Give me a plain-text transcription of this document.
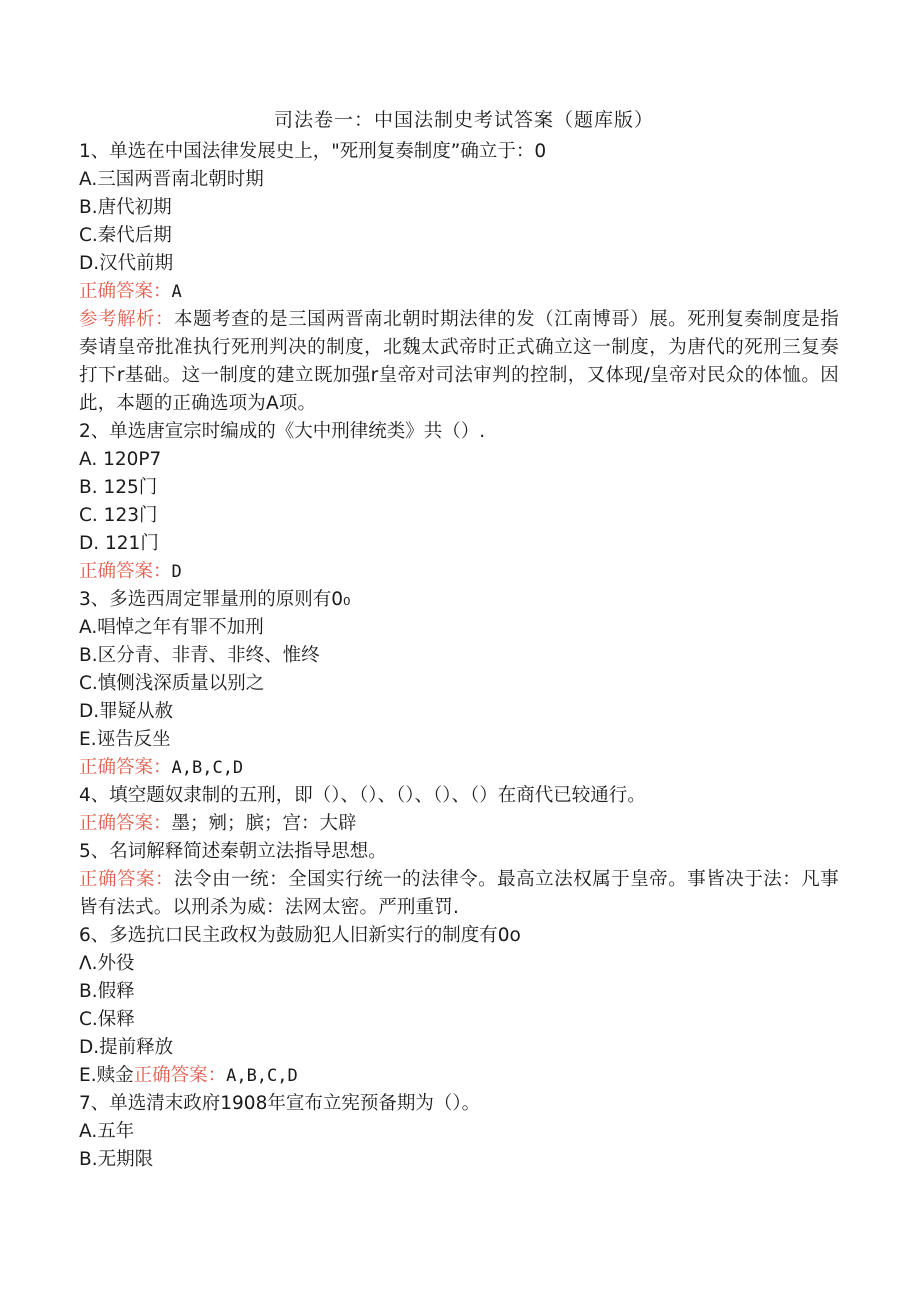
司法卷一：中国法制史考试答案（题库版）
1、单选在中国法律发展史上，"死刑复奏制度”确立于：0
A.三国两晋南北朝时期
B.唐代初期
C.秦代后期
D.汉代前期
正确答案：A
参考解析：本题考查的是三国两晋南北朝时期法律的发（江南博哥）展。死刑复奏制度是指奏请皇帝批准执行死刑判决的制度，北魏太武帝时正式确立这一制度，为唐代的死刑三复奏打下r基础。这一制度的建立既加强r皇帝对司法审判的控制，又体现/皇帝对民众的体恤。因此，本题的正确选项为A项。
2、单选唐宣宗时编成的《大中刑律统类》共（）.
A. 120P7
B. 125门
C. 123门
D. 121门
正确答案：D
3、多选西周定罪量刑的原则有0₀
A.唱悼之年有罪不加刑
B.区分青、非青、非终、惟终
C.慎侧浅深质量以别之
D.罪疑从赦
E.诬告反坐
正确答案：A,B,C,D
4、填空题奴隶制的五刑，即（）、（）、（）、（）、（）在商代已较通行。
正确答案：墨；剜；膑；宫：大辟
5、名词解释简述秦朝立法指导思想。
正确答案：法令由一统：全国实行统一的法律令。最高立法权属于皇帝。事皆决于法：凡事皆有法式。以刑杀为威：法网太密。严刑重罚.
6、多选抗口民主政权为鼓励犯人旧新实行的制度有0o
Λ.外役
B.假释
C.保释
D.提前释放
E.赎金正确答案：A,B,C,D
7、单选清末政府1908年宣布立宪预备期为（）。
A.五年
B.无期限
